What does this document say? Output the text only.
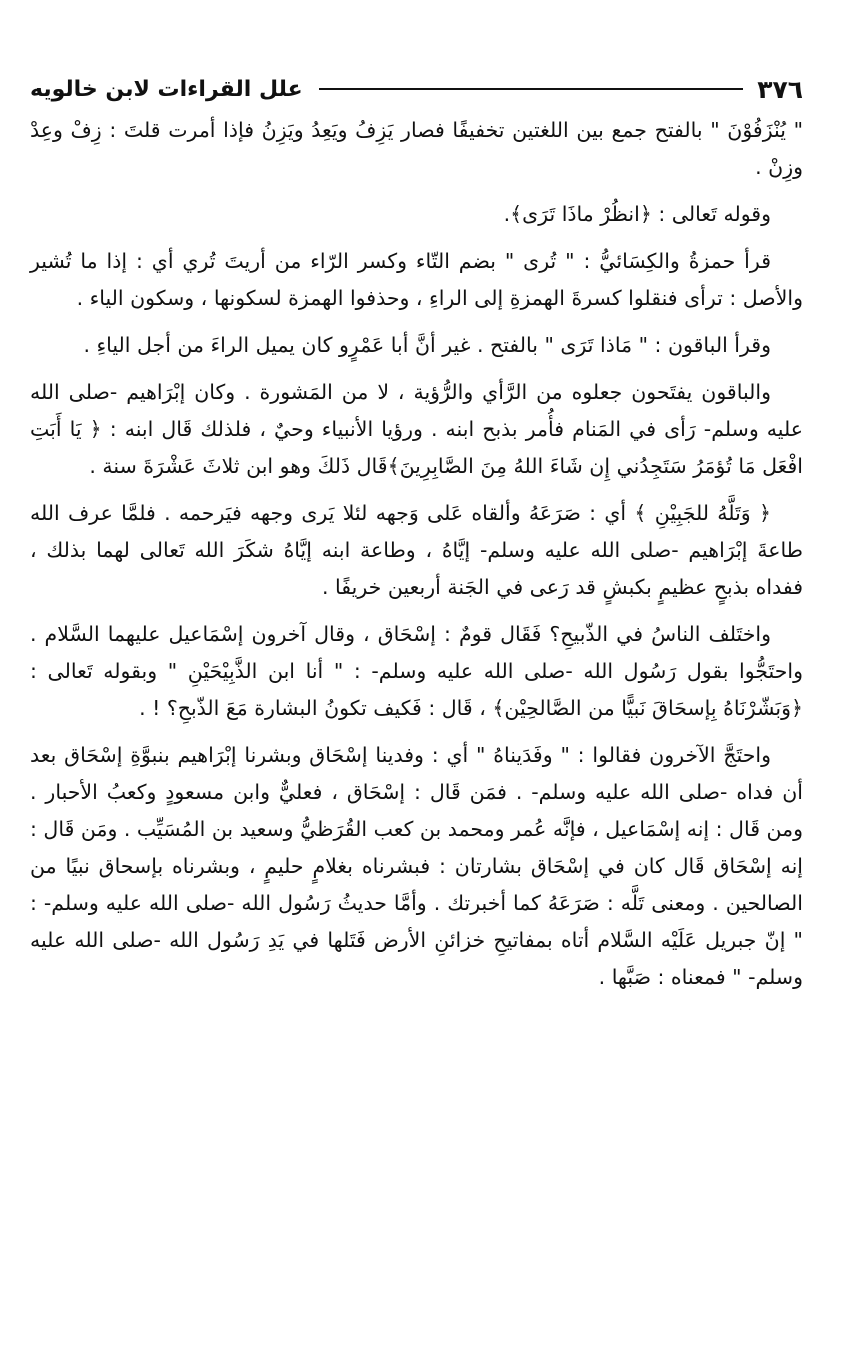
٣٧٦
علل القراءات لابن خالويه

" يُنْزَفُوْنَ " بالفتح جمع بين اللغتين تخفيفًا فصار يَزِفُ ويَعِدُ ويَزِنُ فإذا أمرت قلتَ : زِفْ وعِدْ وزِنْ .

وقوله تَعالى : ﴿انظُرْ ماذَا تَرَى﴾.

قرأ حمزةُ والكِسَائيُّ : " تُرى " بضم التّاء وكسر الرّاء من أريتَ تُري أي : إذا ما تُشير والأصل : ترأى فنقلوا كسرةَ الهمزةِ إلى الراءِ ، وحذفوا الهمزة لسكونها ، وسكون الياء .

وقرأ الباقون : " مَاذا تَرَى " بالفتح . غير أنَّ أبا عَمْرٍو كان يميل الراءَ من أجل الياءِ .

والباقون يفتَحون جعلوه من الرَّأي والرُّؤية ، لا من المَشورة . وكان إبْرَاهيم -صلى الله عليه وسلم- رَأى في المَنام فأُمر بذبح ابنه . ورؤيا الأنبياء وحيٌ ، فلذلك قَال ابنه : ﴿ يَا أَبَتِ افْعَل مَا تُؤمَرُ سَتَجِدُني إِن شَاءَ اللهُ مِنَ الصَّابِرِينَ﴾قَال ذَلكَ وهو ابن ثلاثَ عَشْرَةَ سنة .

﴿ وَتَلَّهُ للجَبِيْنِ ﴾ أي : صَرَعَهُ وألقاه عَلى وَجهه لئلا يَرى وجهه فيَرحمه . فلمَّا عرف الله طاعةَ إبْرَاهيم -صلى الله عليه وسلم- إيَّاهُ ، وطاعة ابنه إيَّاهُ شكَرَ الله تَعالى لهما بذلك ، ففداه بذبحٍ عظيمٍ بكبشٍ قد رَعى في الجَنة أربعين خريفًا .

واختَلف الناسُ في الذّبيحِ؟ فَقَال قومٌ : إسْحَاق ، وقال آخرون إسْمَاعيل عليهما السَّلام . واحتَجُّوا بقول رَسُول الله -صلى الله عليه وسلم- : " أنا ابن الذَّبِيْحَيْنِ " وبقوله تَعالى : ﴿وَبَشّرْنَاهُ بِإسحَاقَ نَبيًّا من الصَّالحِيْن﴾ ، قَال : فَكيف تكونُ البشارة مَعَ الذّبحِ؟ ! .

واحتَجَّ الآخرون فقالوا : " وفَدَيناهُ " أي : وفدينا إسْحَاق وبشرنا إبْرَاهيم بنبوَّةِ إسْحَاق بعد أن فداه -صلى الله عليه وسلم- . فمَن قَال : إسْحَاق ، فعليٌّ وابن مسعودٍ وكعبُ الأحبار . ومن قَال : إنه إسْمَاعيل ، فإنَّه عُمر ومحمد بن كعب القُرَظيُّ وسعيد بن المُسَيِّب . ومَن قَال : إنه إسْحَاق قَال كان في إسْحَاق بشارتان : فبشرناه بغلامٍ حليمٍ ، وبشرناه بإسحاق نبيًا من الصالحين . ومعنى تَلَّه : صَرَعَهُ كما أخبرتك . وأمَّا حديثُ رَسُول الله -صلى الله عليه وسلم- : " إنّ جبريل عَلَيْه السَّلام أتاه بمفاتيحِ خزائنِ الأرض فَتَلها في يَدِ رَسُول الله -صلى الله عليه وسلم- " فمعناه : صَبَّها .
